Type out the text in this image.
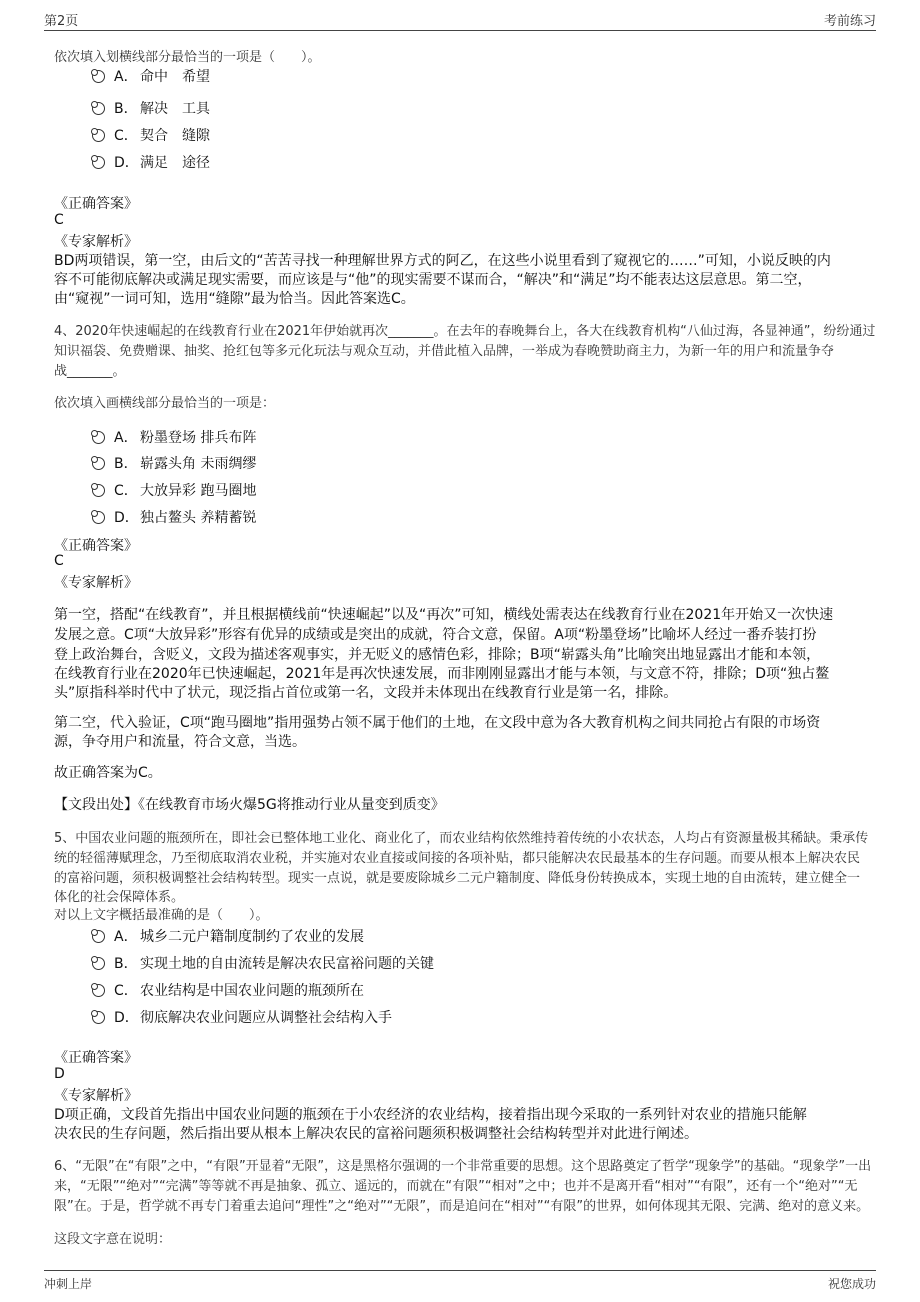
第2页	考前练习
依次填入划横线部分最恰当的一项是（　　）。
A． 命中　希望
B． 解决　工具
C． 契合　缝隙
D． 满足　途径
《正确答案》
C
《专家解析》
BD两项错误，第一空，由后文的“苦苦寻找一种理解世界方式的阿乙，在这些小说里看到了窥视它的……”可知，小说反映的内
容不可能彻底解决或满足现实需要，而应该是与“他”的现实需要不谋而合，“解决”和“满足”均不能表达这层意思。第二空，
由“窥视”一词可知，选用“缝隙”最为恰当。因此答案选C。
4、2020年快速崛起的在线教育行业在2021年伊始就再次_______。在去年的春晚舞台上，各大在线教育机构“八仙过海，各显神通”，纷纷通过
知识福袋、免费赠课、抽奖、抢红包等多元化玩法与观众互动，并借此植入品牌，一举成为春晚赞助商主力，为新一年的用户和流量争夺
战_______。
依次填入画横线部分最恰当的一项是：
A． 粉墨登场 排兵布阵
B． 崭露头角 未雨绸缪
C． 大放异彩 跑马圈地
D． 独占鳌头 养精蓄锐
《正确答案》
C
《专家解析》
第一空，搭配“在线教育”，并且根据横线前“快速崛起”以及“再次”可知，横线处需表达在线教育行业在2021年开始又一次快速
发展之意。C项“大放异彩”形容有优异的成绩或是突出的成就，符合文意，保留。A项“粉墨登场”比喻坏人经过一番乔装打扮
登上政治舞台，含贬义，文段为描述客观事实，并无贬义的感情色彩，排除；B项“崭露头角”比喻突出地显露出才能和本领，
在线教育行业在2020年已快速崛起，2021年是再次快速发展，而非刚刚显露出才能与本领，与文意不符，排除；D项“独占鳌
头”原指科举时代中了状元，现泛指占首位或第一名，文段并未体现出在线教育行业是第一名，排除。
第二空，代入验证，C项“跑马圈地”指用强势占领不属于他们的土地，在文段中意为各大教育机构之间共同抢占有限的市场资
源，争夺用户和流量，符合文意，当选。
故正确答案为C。
【文段出处】《在线教育市场火爆5G将推动行业从量变到质变》
5、中国农业问题的瓶颈所在，即社会已整体地工业化、商业化了，而农业结构依然维持着传统的小农状态，人均占有资源量极其稀缺。秉承传
统的轻徭薄赋理念，乃至彻底取消农业税，并实施对农业直接或间接的各项补贴，都只能解决农民最基本的生存问题。而要从根本上解决农民
的富裕问题，须积极调整社会结构转型。现实一点说，就是要废除城乡二元户籍制度、降低身份转换成本，实现土地的自由流转，建立健全一
体化的社会保障体系。
对以上文字概括最准确的是（　　）。
A． 城乡二元户籍制度制约了农业的发展
B． 实现土地的自由流转是解决农民富裕问题的关键
C． 农业结构是中国农业问题的瓶颈所在
D． 彻底解决农业问题应从调整社会结构入手
《正确答案》
D
《专家解析》
D项正确，文段首先指出中国农业问题的瓶颈在于小农经济的农业结构，接着指出现今采取的一系列针对农业的措施只能解
决农民的生存问题，然后指出要从根本上解决农民的富裕问题须积极调整社会结构转型并对此进行阐述。
6、“无限”在“有限”之中，“有限”开显着“无限”，这是黑格尔强调的一个非常重要的思想。这个思路奠定了哲学“现象学”的基础。“现象学”一出
来，“无限”“绝对”“完满”等等就不再是抽象、孤立、遥远的，而就在“有限”“相对”之中；也并不是离开看“相对”“有限”，还有一个“绝对”“无
限”在。于是，哲学就不再专门着重去追问“理性”之“绝对”“无限”，而是追问在“相对”“有限”的世界，如何体现其无限、完满、绝对的意义来。
这段文字意在说明：
冲刺上岸	祝您成功
